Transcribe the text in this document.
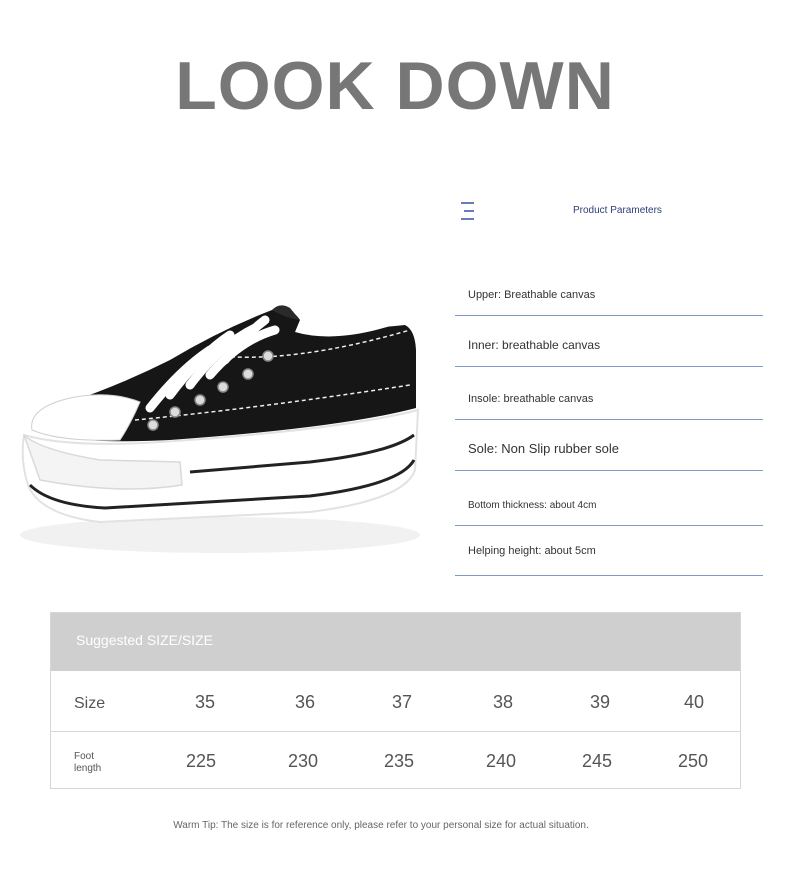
LOOK DOWN
Product Parameters
Upper: Breathable canvas
Inner: breathable canvas
Insole: breathable canvas
Sole: Non Slip rubber sole
Bottom thickness: about 4cm
Helping height: about 5cm
Suggested SIZE/SIZE
Size	35	36	37	38	39	40
Foot
length	225	230	235	240	245	250
Warm Tip: The size is for reference only, please refer to your personal size for actual situation.
